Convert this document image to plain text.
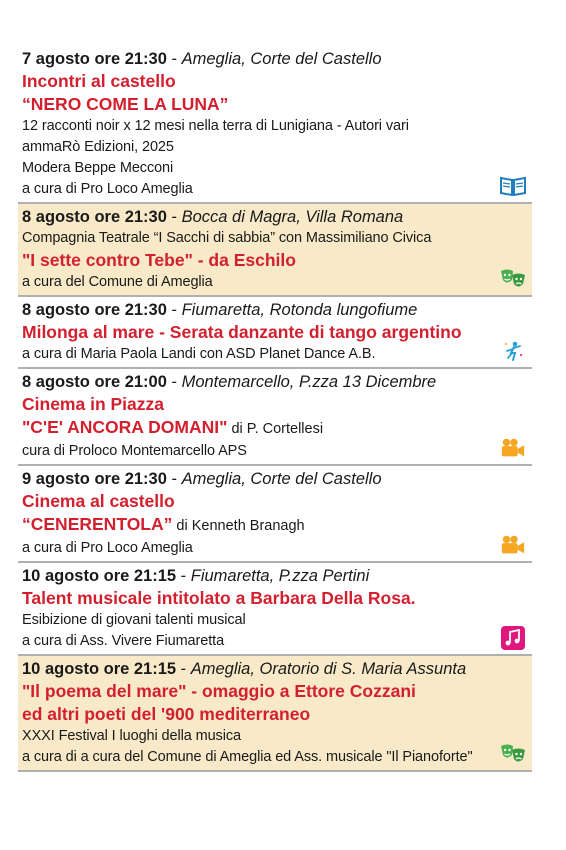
7 agosto ore 21:30 - Ameglia, Corte del Castello
Incontri al castello
“NERO COME LA LUNA”
12 racconti noir x 12 mesi nella terra di Lunigiana - Autori vari
ammaRò Edizioni, 2025
Modera Beppe Mecconi
a cura di Pro Loco Ameglia
8 agosto ore 21:30 - Bocca di Magra, Villa Romana
Compagnia Teatrale “I Sacchi di sabbia” con Massimiliano Civica
"I sette contro Tebe" - da Eschilo
a cura del Comune di Ameglia
8 agosto ore 21:30 - Fiumaretta, Rotonda lungofiume
Milonga al mare - Serata danzante di tango argentino
a cura di Maria Paola Landi con ASD Planet Dance A.B.
8 agosto ore 21:00 - Montemarcello, P.zza 13 Dicembre
Cinema in Piazza
"C'E' ANCORA DOMANI" di P. Cortellesi
cura di Proloco Montemarcello APS
9 agosto ore 21:30 - Ameglia, Corte del Castello
Cinema al castello
“CENERENTOLA” di Kenneth Branagh
a cura di Pro Loco Ameglia
10 agosto ore 21:15 - Fiumaretta, P.zza Pertini
Talent musicale intitolato a Barbara Della Rosa.
Esibizione di giovani talenti musical
a cura di Ass. Vivere Fiumaretta
10 agosto ore 21:15 - Ameglia, Oratorio di S. Maria Assunta
"Il poema del mare" - omaggio a Ettore Cozzani
ed altri poeti del '900 mediterraneo
XXXI Festival I luoghi della musica
a cura di a cura del Comune di Ameglia ed Ass. musicale "Il Pianoforte"
